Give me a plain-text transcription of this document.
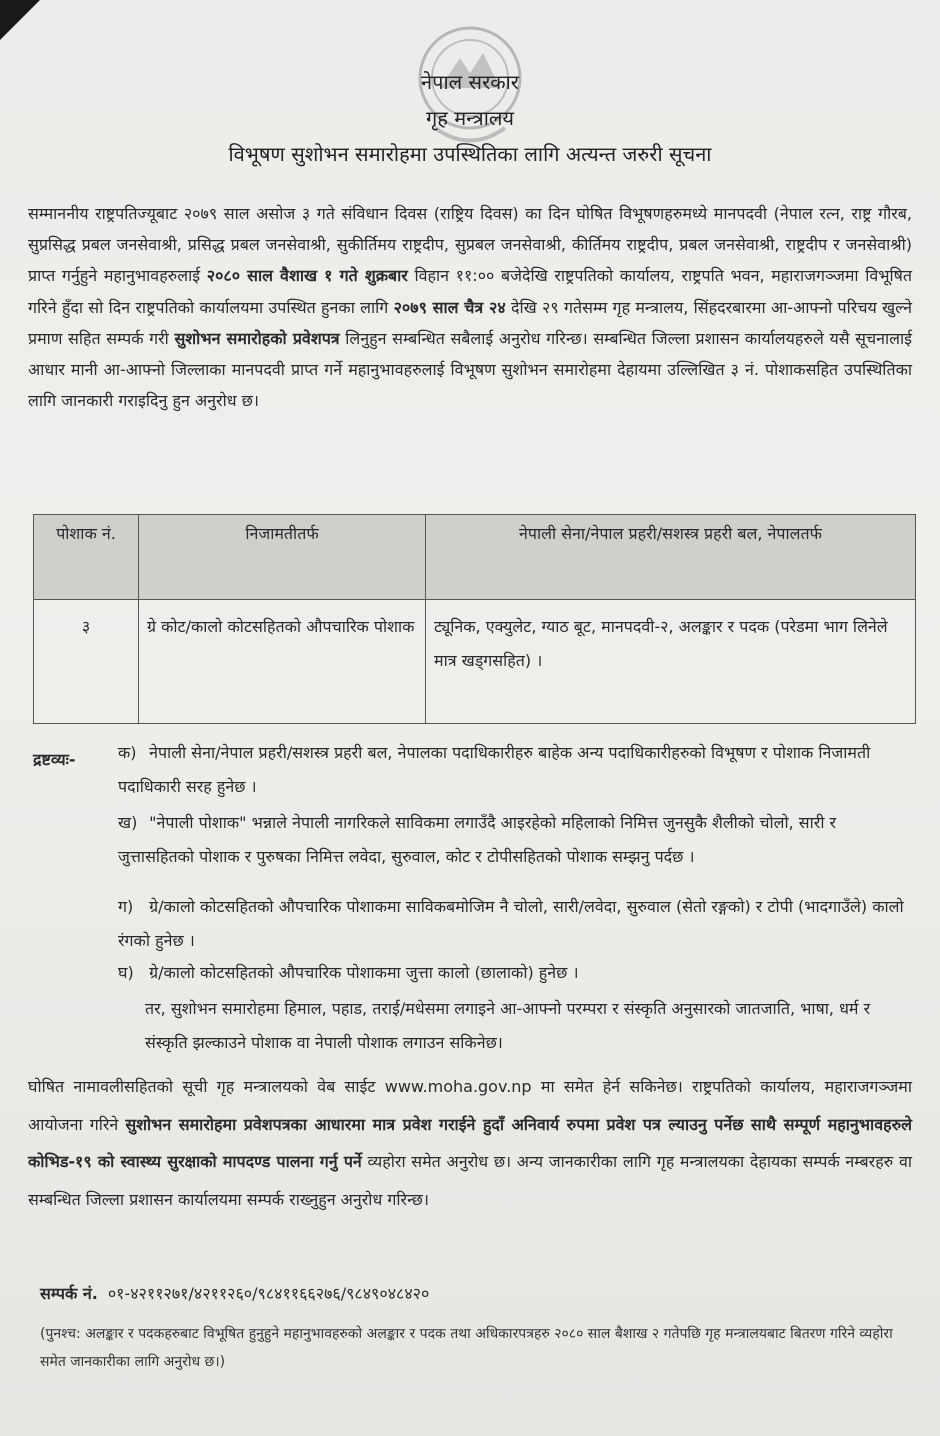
नेपाल सरकार
गृह मन्त्रालय
विभूषण सुशोभन समारोहमा उपस्थितिका लागि अत्यन्त जरुरी सूचना

सम्माननीय राष्ट्रपतिज्यूबाट २०७९ साल असोज ३ गते संविधान दिवस (राष्ट्रिय दिवस) का दिन घोषित विभूषणहरुमध्ये मानपदवी (नेपाल रत्न, राष्ट्र गौरब, सुप्रसिद्ध प्रबल जनसेवाश्री, प्रसिद्ध प्रबल जनसेवाश्री, सुकीर्तिमय राष्ट्रदीप, सुप्रबल जनसेवाश्री, कीर्तिमय राष्ट्रदीप, प्रबल जनसेवाश्री, राष्ट्रदीप र जनसेवाश्री) प्राप्त गर्नुहुने महानुभावहरुलाई २०८० साल वैशाख १ गते शुक्रबार विहान ११:०० बजेदेखि राष्ट्रपतिको कार्यालय, राष्ट्रपति भवन, महाराजगञ्जमा विभूषित गरिने हुँदा सो दिन राष्ट्रपतिको कार्यालयमा उपस्थित हुनका लागि २०७९ साल चैत्र २४ देखि २९ गतेसम्म गृह मन्त्रालय, सिंहदरबारमा आ-आफ्नो परिचय खुल्ने प्रमाण सहित सम्पर्क गरी सुशोभन समारोहको प्रवेशपत्र लिनुहुन सम्बन्धित सबैलाई अनुरोध गरिन्छ। सम्बन्धित जिल्ला प्रशासन कार्यालयहरुले यसै सूचनालाई आधार मानी आ-आफ्नो जिल्लाका मानपदवी प्राप्त गर्ने महानुभावहरुलाई विभूषण सुशोभन समारोहमा देहायमा उल्लिखित ३ नं. पोशाकसहित उपस्थितिका लागि जानकारी गराइदिनु हुन अनुरोध छ।

पोशाक नं.	निजामतीतर्फ	नेपाली सेना/नेपाल प्रहरी/सशस्त्र प्रहरी बल, नेपालतर्फ
३	ग्रे कोट/कालो कोटसहितको औपचारिक पोशाक	ट्यूनिक, एक्युलेट, ग्याठ बूट, मानपदवी-२, अलङ्कार र पदक (परेडमा भाग लिनेले मात्र खड्गसहित) ।
द्रष्टव्यः-	क) नेपाली सेना/नेपाल प्रहरी/सशस्त्र प्रहरी बल, नेपालका पदाधिकारीहरु बाहेक अन्य पदाधिकारीहरुको विभूषण र पोशाक निजामती पदाधिकारी सरह हुनेछ ।

ख) "नेपाली पोशाक" भन्नाले नेपाली नागरिकले साविकमा लगाउँदै आइरहेको महिलाको निमित्त जुनसुकै शैलीको चोलो, सारी र जुत्तासहितको पोशाक र पुरुषका निमित्त लवेदा, सुरुवाल, कोट र टोपीसहितको पोशाक सम्झनु पर्दछ ।

ग) ग्रे/कालो कोटसहितको औपचारिक पोशाकमा साविकबमोजिम नै चोलो, सारी/लवेदा, सुरुवाल (सेतो रङ्गको) र टोपी (भादगाउँले) कालो रंगको हुनेछ ।

घ) ग्रे/कालो कोटसहितको औपचारिक पोशाकमा जुत्ता कालो (छालाको) हुनेछ ।

तर, सुशोभन समारोहमा हिमाल, पहाड, तराई/मधेसमा लगाइने आ-आफ्नो परम्परा र संस्कृति अनुसारको जातजाति, भाषा, धर्म र संस्कृति झल्काउने पोशाक वा नेपाली पोशाक लगाउन सकिनेछ।

घोषित नामावलीसहितको सूची गृह मन्त्रालयको वेब साईट www.moha.gov.np मा समेत हेर्न सकिनेछ। राष्ट्रपतिको कार्यालय, महाराजगञ्जमा आयोजना गरिने सुशोभन समारोहमा प्रवेशपत्रका आधारमा मात्र प्रवेश गराईने हुदाँ अनिवार्य रुपमा प्रवेश पत्र ल्याउनु पर्नेछ साथै सम्पूर्ण महानुभावहरुले कोभिड-१९ को स्वास्थ्य सुरक्षाको मापदण्ड पालना गर्नु पर्ने व्यहोरा समेत अनुरोध छ। अन्य जानकारीका लागि गृह मन्त्रालयका देहायका सम्पर्क नम्बरहरु वा सम्बन्धित जिल्ला प्रशासन कार्यालयमा सम्पर्क राख्नुहुन अनुरोध गरिन्छ।

सम्पर्क नं. ०१-४२११२७१/४२११२६०/९८४११६६२७६/९८४९०४८४२०

(पुनश्च: अलङ्कार र पदकहरुबाट विभूषित हुनुहुने महानुभावहरुको अलङ्कार र पदक तथा अधिकारपत्रहरु २०८० साल बैशाख २ गतेपछि गृह मन्त्रालयबाट बितरण गरिने व्यहोरा समेत जानकारीका लागि अनुरोध छ।)
